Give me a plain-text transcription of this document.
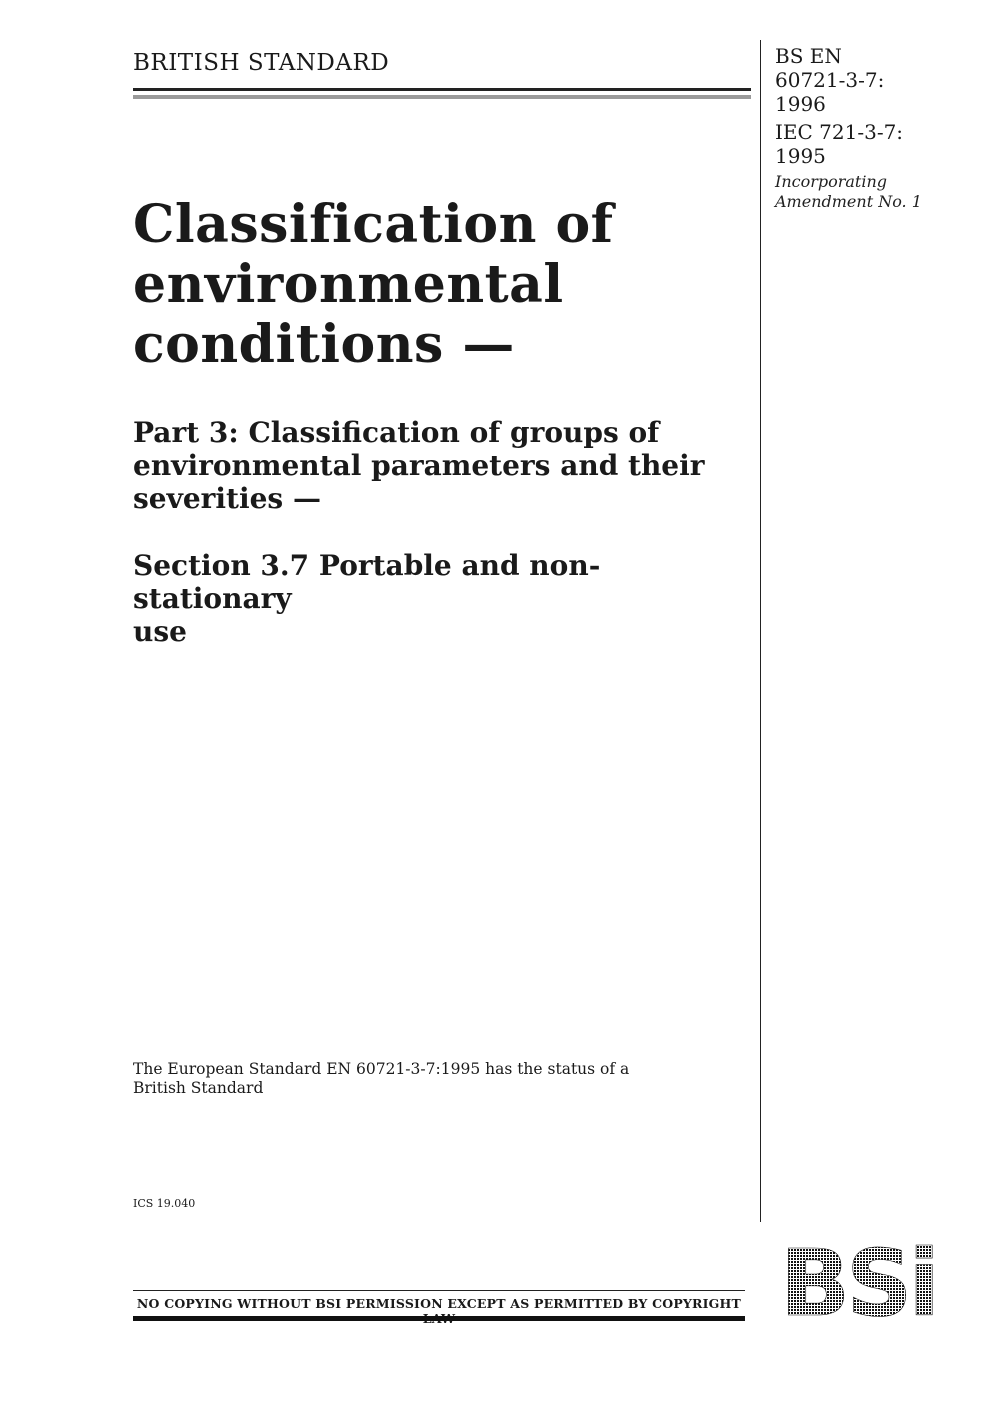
BRITISH STANDARD	BS EN
60721-3-7:
1996
IEC 721-3-7:
1995
Incorporating
Amendment No. 1
Classification of
environmental
conditions —
Part 3: Classification of groups of
environmental parameters and their
severities —
Section 3.7 Portable and non-stationary
use
The European Standard EN 60721-3-7:1995 has the status of a
British Standard
ICS 19.040
NO COPYING WITHOUT BSI PERMISSION EXCEPT AS PERMITTED BY COPYRIGHT BSi
